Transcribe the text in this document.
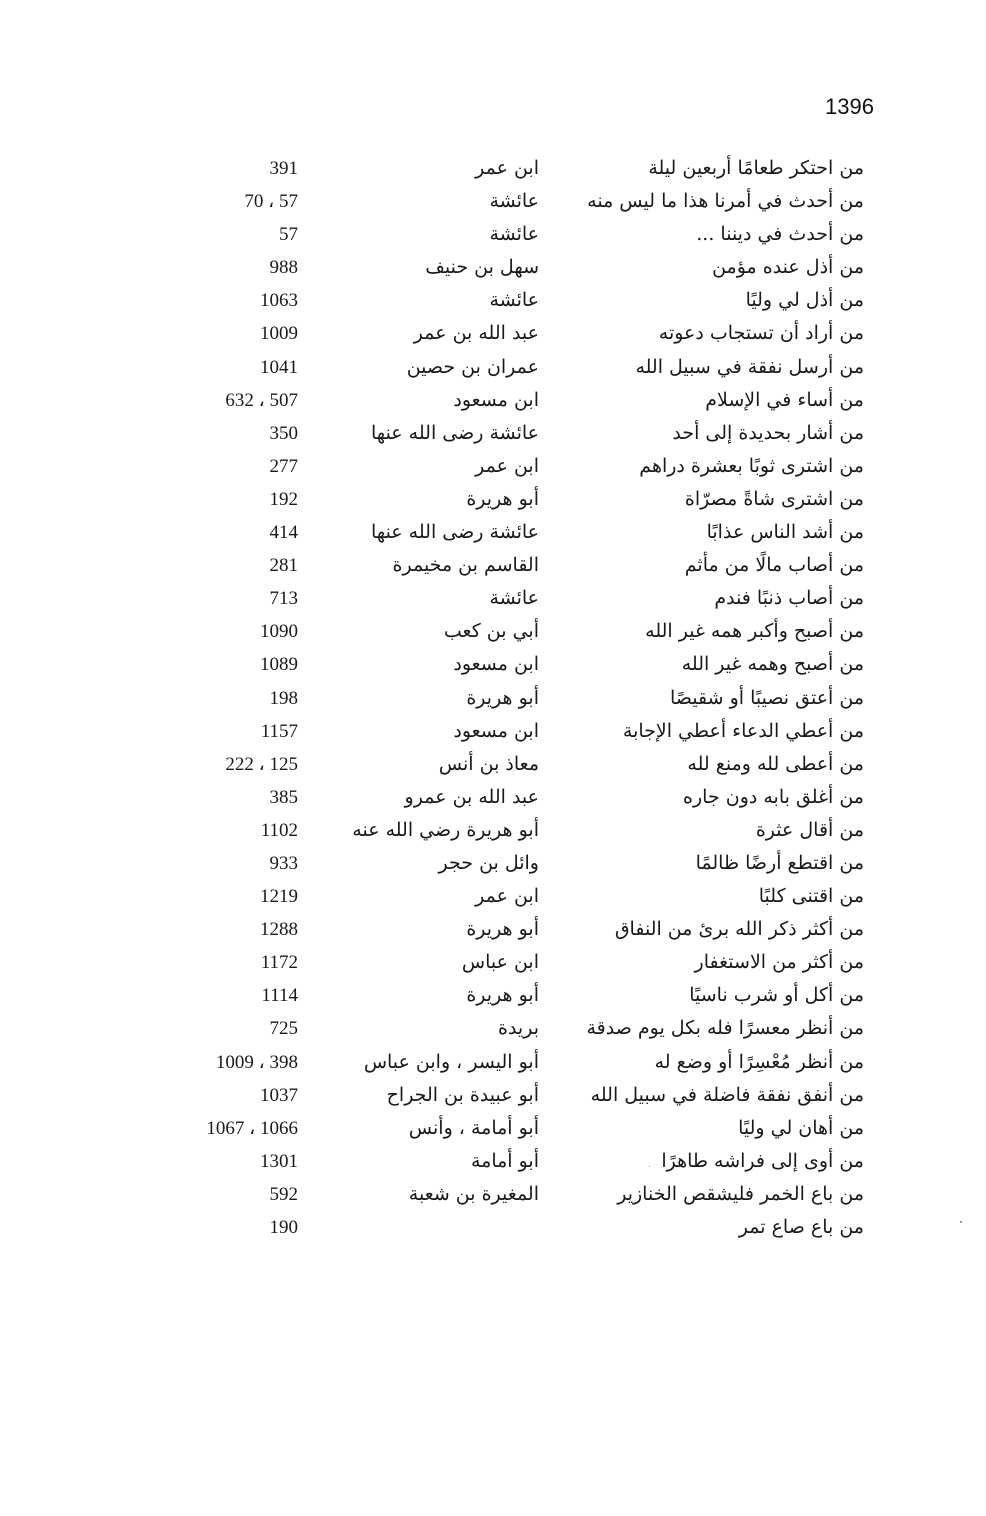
1396
من احتكر طعامًا أربعين ليلة
ابن عمر
391
من أحدث في أمرنا هذا ما ليس منه
عائشة
57 ، 70
من أحدث في ديننا ...
عائشة
57
من أذل عنده مؤمن
سهل بن حنيف
988
من أذل لي وليًا
عائشة
1063
من أراد أن تستجاب دعوته
عبد الله بن عمر
1009
من أرسل نفقة في سبيل الله
عمران بن حصين
1041
من أساء في الإسلام
ابن مسعود
507 ، 632
من أشار بحديدة إلى أحد
عائشة رضى الله عنها
350
من اشترى ثوبًا بعشرة دراهم
ابن عمر
277
من اشترى شاةً مصرّاة
أبو هريرة
192
من أشد الناس عذابًا
عائشة رضى الله عنها
414
من أصاب مالًا من مأثم
القاسم بن مخيمرة
281
من أصاب ذنبًا فندم
عائشة
713
من أصبح وأكبر همه غير الله
أبي بن كعب
1090
من أصبح وهمه غير الله
ابن مسعود
1089
من أعتق نصيبًا أو شقيصًا
أبو هريرة
198
من أعطي الدعاء أعطي الإجابة
ابن مسعود
1157
من أعطى لله ومنع لله
معاذ بن أنس
125 ، 222
من أغلق بابه دون جاره
عبد الله بن عمرو
385
من أقال عثرة
أبو هريرة رضي الله عنه
1102
من اقتطع أرضًا ظالمًا
وائل بن حجر
933
من اقتنى كلبًا
ابن عمر
1219
من أكثر ذكر الله برئ من النفاق
أبو هريرة
1288
من أكثر من الاستغفار
ابن عباس
1172
من أكل أو شرب ناسيًا
أبو هريرة
1114
من أنظر معسرًا فله بكل يوم صدقة
بريدة
725
من أنظر مُعْسِرًا أو وضع له
أبو اليسر ، وابن عباس
398 ، 1009
من أنفق نفقة فاضلة في سبيل الله
أبو عبيدة بن الجراح
1037
من أهان لي وليًا
أبو أمامة ، وأنس
1066 ، 1067
من أوى إلى فراشه طاهرًا
أبو أمامة
1301
من باع الخمر فليشقص الخنازير
المغيرة بن شعبة
592
من باع صاع تمر
190
